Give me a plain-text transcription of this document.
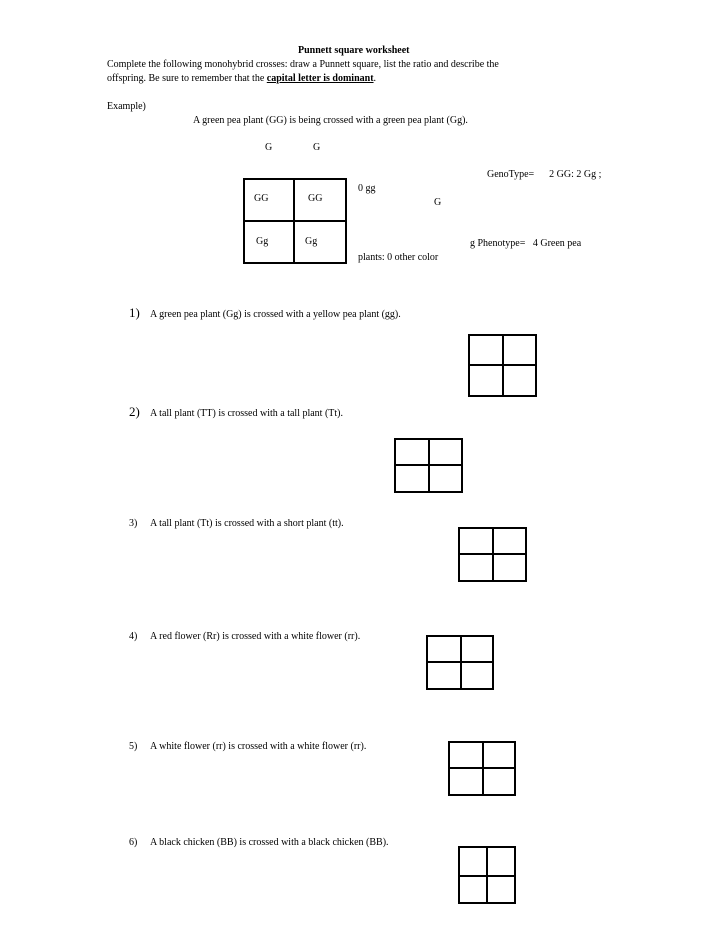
Punnett square worksheet
Complete the following monohybrid crosses: draw a Punnett square, list the ratio and describe the
offspring. Be sure to remember that the capital letter is dominant.
Example)
A green pea plant (GG) is being crossed with a green pea plant (Gg).
G	G
GG	GG
Gg	Gg
GenoType=      2 GG: 2 Gg ;
0 gg
G
g Phenotype=   4 Green pea
plants: 0 other color
1) A green pea plant (Gg) is crossed with a yellow pea plant (gg).
2) A tall plant (TT) is crossed with a tall plant (Tt).
3) A tall plant (Tt) is crossed with a short plant (tt).
4) A red flower (Rr) is crossed with a white flower (rr).
5) A white flower (rr) is crossed with a white flower (rr).
6) A black chicken (BB) is crossed with a black chicken (BB).
